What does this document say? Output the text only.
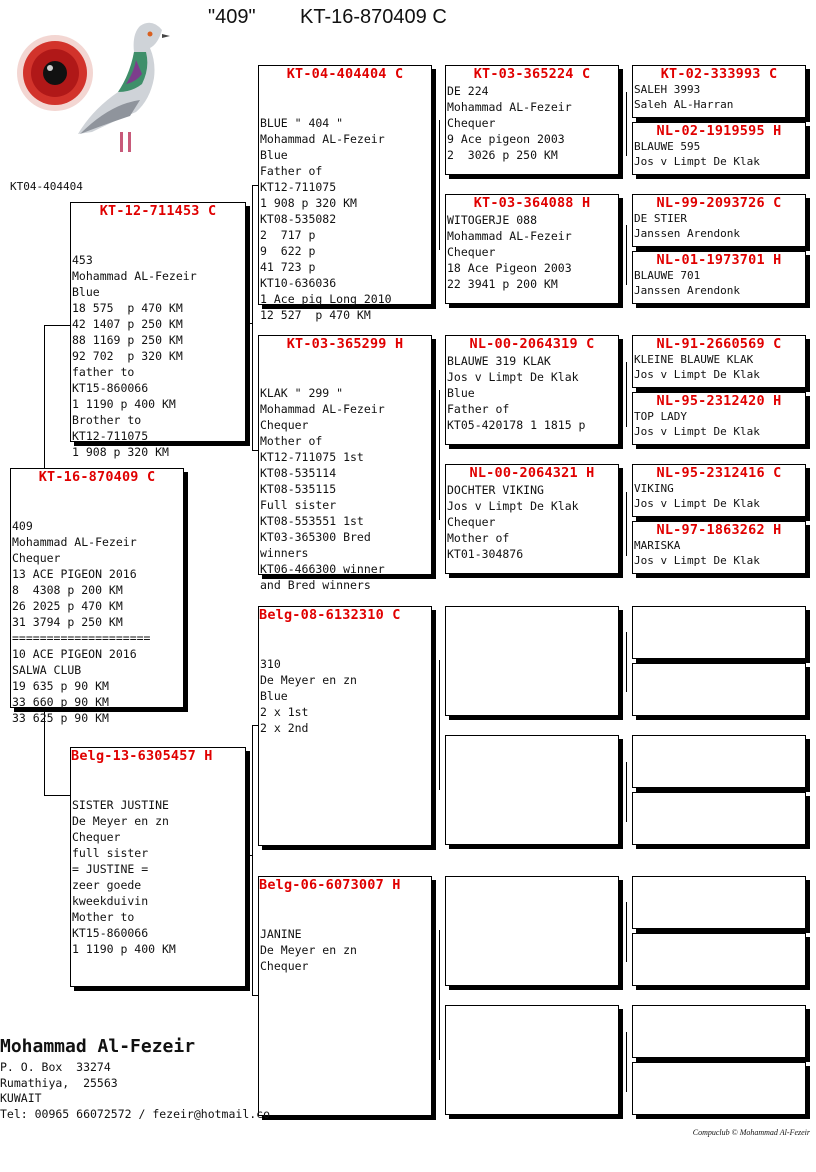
"409" KT-16-870409 C
KT04-404404
KT-16-870409 C

409
Mohammad AL-Fezeir
Chequer
13 ACE PIGEON 2016
8  4308 p 200 KM
26 2025 p 470 KM
31 3794 p 250 KM
====================
10 ACE PIGEON 2016
SALWA CLUB
19 635 p 90 KM
33 660 p 90 KM
33 625 p 90 KM

KT-12-711453 C

453
Mohammad AL-Fezeir
Blue
18 575  p 470 KM
42 1407 p 250 KM
88 1169 p 250 KM
92 702  p 320 KM
father to
KT15-860066
1 1190 p 400 KM
Brother to
KT12-711075
1 908 p 320 KM

Belg-13-6305457 H

SISTER JUSTINE
De Meyer en zn
Chequer
full sister
= JUSTINE =
zeer goede
kweekduivin
Mother to
KT15-860066
1 1190 p 400 KM

KT-04-404404 C

BLUE " 404 "
Mohammad AL-Fezeir
Blue
Father of
KT12-711075
1 908 p 320 KM
KT08-535082
2  717 p
9  622 p
41 723 p
KT10-636036
1 Ace pig Long 2010
12 527  p 470 KM

KT-03-365299 H

KLAK " 299 "
Mohammad AL-Fezeir
Chequer
Mother of
KT12-711075 1st
KT08-535114
KT08-535115
Full sister
KT08-553551 1st
KT03-365300 Bred
winners
KT06-466300 winner
and Bred winners

Belg-08-6132310 C

310
De Meyer en zn
Blue
2 x 1st
2 x 2nd

Belg-06-6073007 H

JANINE
De Meyer en zn
Chequer

KT-03-365224 C
DE 224
Mohammad AL-Fezeir
Chequer
9 Ace pigeon 2003
2  3026 p 250 KM
KT-03-364088 H
WITOGERJE 088
Mohammad AL-Fezeir
Chequer
18 Ace Pigeon 2003
22 3941 p 200 KM
NL-00-2064319 C
BLAUWE 319 KLAK
Jos v Limpt De Klak
Blue
Father of
KT05-420178 1 1815 p
NL-00-2064321 H
DOCHTER VIKING
Jos v Limpt De Klak
Chequer
Mother of
KT01-304876
KT-02-333993 C
SALEH 3993
Saleh AL-Harran
NL-02-1919595 H
BLAUWE 595
Jos v Limpt De Klak
NL-99-2093726 C
DE STIER
Janssen Arendonk
NL-01-1973701 H
BLAUWE 701
Janssen Arendonk
NL-91-2660569 C
KLEINE BLAUWE KLAK
Jos v Limpt De Klak
NL-95-2312420 H
TOP LADY
Jos v Limpt De Klak
NL-95-2312416 C
VIKING
Jos v Limpt De Klak
NL-97-1863262 H
MARISKA
Jos v Limpt De Klak
Mohammad Al-Fezeir
P. O. Box  33274
Rumathiya,  25563
KUWAIT
Tel: 00965 66072572 / fezeir@hotmail.co
Compuclub © Mohammad Al-Fezeir
